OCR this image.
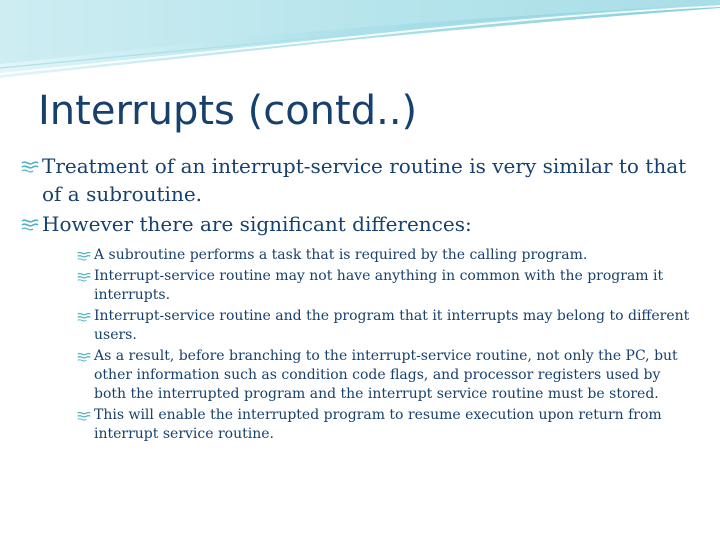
Interrupts (contd..)
Treatment of an interrupt-service routine is very similar to that of a subroutine.
However there are significant differences:
A subroutine performs a task that is required by the calling program.
Interrupt-service routine may not have anything in common with the program it interrupts.
Interrupt-service routine and the program that it interrupts may belong to different users.
As a result, before branching to the interrupt-service routine, not only the PC, but other information such as condition code flags, and processor registers used by both the interrupted program and the interrupt service routine must be stored.
This will enable the interrupted program to resume execution upon return from interrupt service routine.
